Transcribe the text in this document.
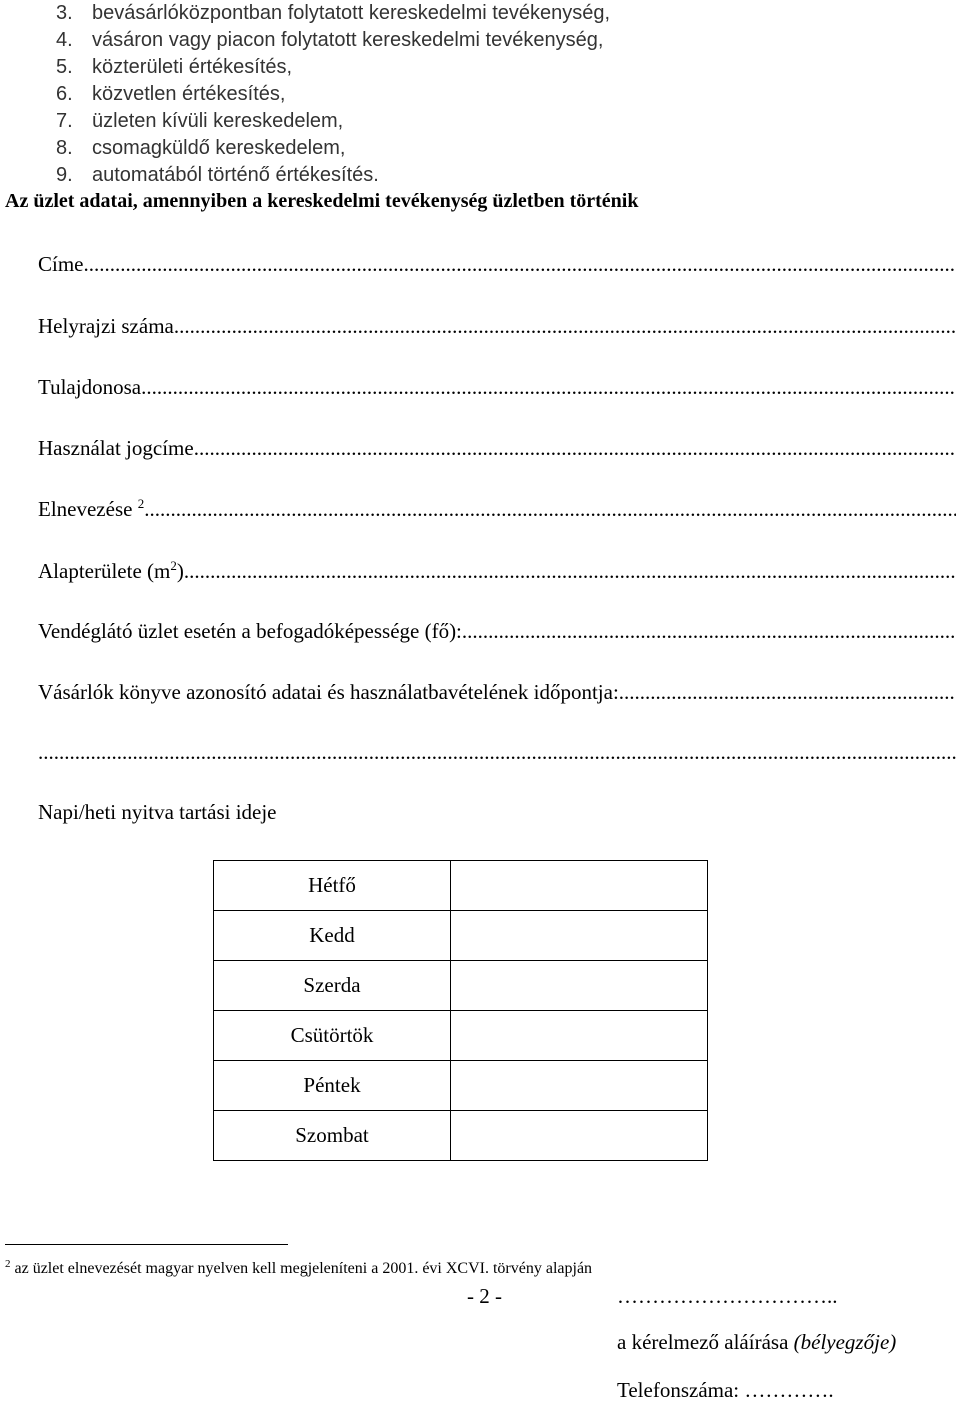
3. bevásárlóközpontban folytatott kereskedelmi tevékenység,
4. vásáron vagy piacon folytatott kereskedelmi tevékenység,
5. közterületi értékesítés,
6. közvetlen értékesítés,
7. üzleten kívüli kereskedelem,
8. csomagküldő kereskedelem,
9. automatából történő értékesítés.
Az üzlet adatai, amennyiben a kereskedelmi tevékenység üzletben történik
Címe
.....
Helyrajzi száma
.....
Tulajdonosa
.....
Használat jogcíme
.....
Elnevezése $^2$
.....
Alapterülete $(m^2)$
.....
Vendéglátó üzlet esetén a befogadóképessége (fő):
.....
Vásárlók könyve azonosító adatai és használatbavételének időpontja:
.....
.....
Napi/heti nyitva tartási ideje
Hétfő	
Kedd	
Szerda	
Csütörtök	
Péntek	
Szombat	
$^2$ az üzlet elnevezését magyar nyelven kell megjeleníteni a 2001. évi XCVI. törvény alapján
- 2 -	…………………………..
a kérelmező aláírása (bélyegzője)
Telefonszáma: ………….
